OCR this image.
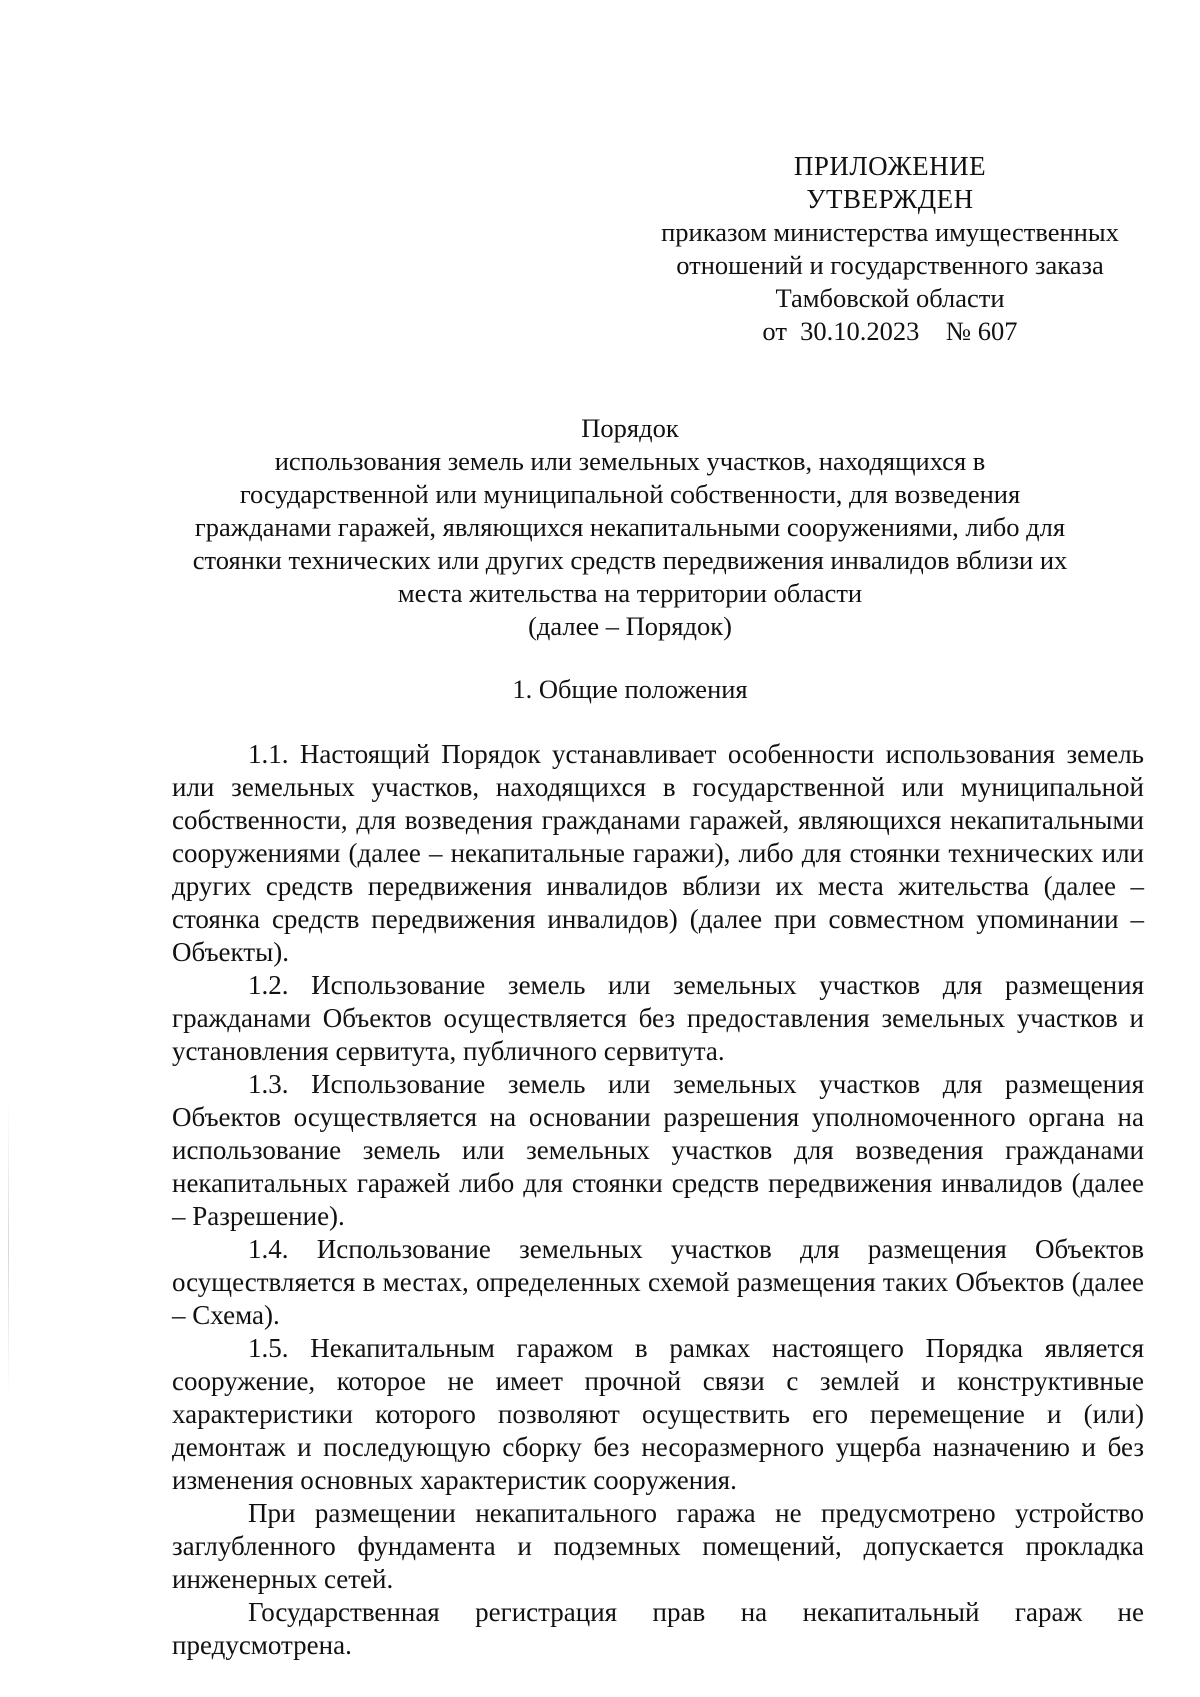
ПРИЛОЖЕНИЕ
УТВЕРЖДЕН
приказом министерства имущественных
отношений и государственного заказа
Тамбовской области
от  30.10.2023    № 607
Порядок
использования земель или земельных участков, находящихся в
государственной или муниципальной собственности, для возведения
гражданами гаражей, являющихся некапитальными сооружениями, либо для
стоянки технических или других средств передвижения инвалидов вблизи их
места жительства на территории области
(далее – Порядок)
1. Общие положения

1.1. Настоящий Порядок устанавливает особенности использования земель или земельных участков, находящихся в государственной или муниципальной собственности, для возведения гражданами гаражей, являющихся некапитальными сооружениями (далее – некапитальные гаражи), либо для стоянки технических или других средств передвижения инвалидов вблизи их места жительства (далее – стоянка средств передвижения инвалидов) (далее при совместном упоминании – Объекты).

1.2. Использование земель или земельных участков для размещения гражданами Объектов осуществляется без предоставления земельных участков и установления сервитута, публичного сервитута.

1.3. Использование земель или земельных участков для размещения Объектов осуществляется на основании разрешения уполномоченного органа на использование земель или земельных участков для возведения гражданами некапитальных гаражей либо для стоянки средств передвижения инвалидов (далее – Разрешение).

1.4. Использование земельных участков для размещения Объектов осуществляется в местах, определенных схемой размещения таких Объектов (далее – Схема).

1.5. Некапитальным гаражом в рамках настоящего Порядка является сооружение, которое не имеет прочной связи с землей и конструктивные характеристики которого позволяют осуществить его перемещение и (или) демонтаж и последующую сборку без несоразмерного ущерба назначению и без изменения основных характеристик сооружения.

При размещении некапитального гаража не предусмотрено устройство заглубленного фундамента и подземных помещений, допускается прокладка инженерных сетей.

Государственная регистрация прав на некапитальный гараж не предусмотрена.
